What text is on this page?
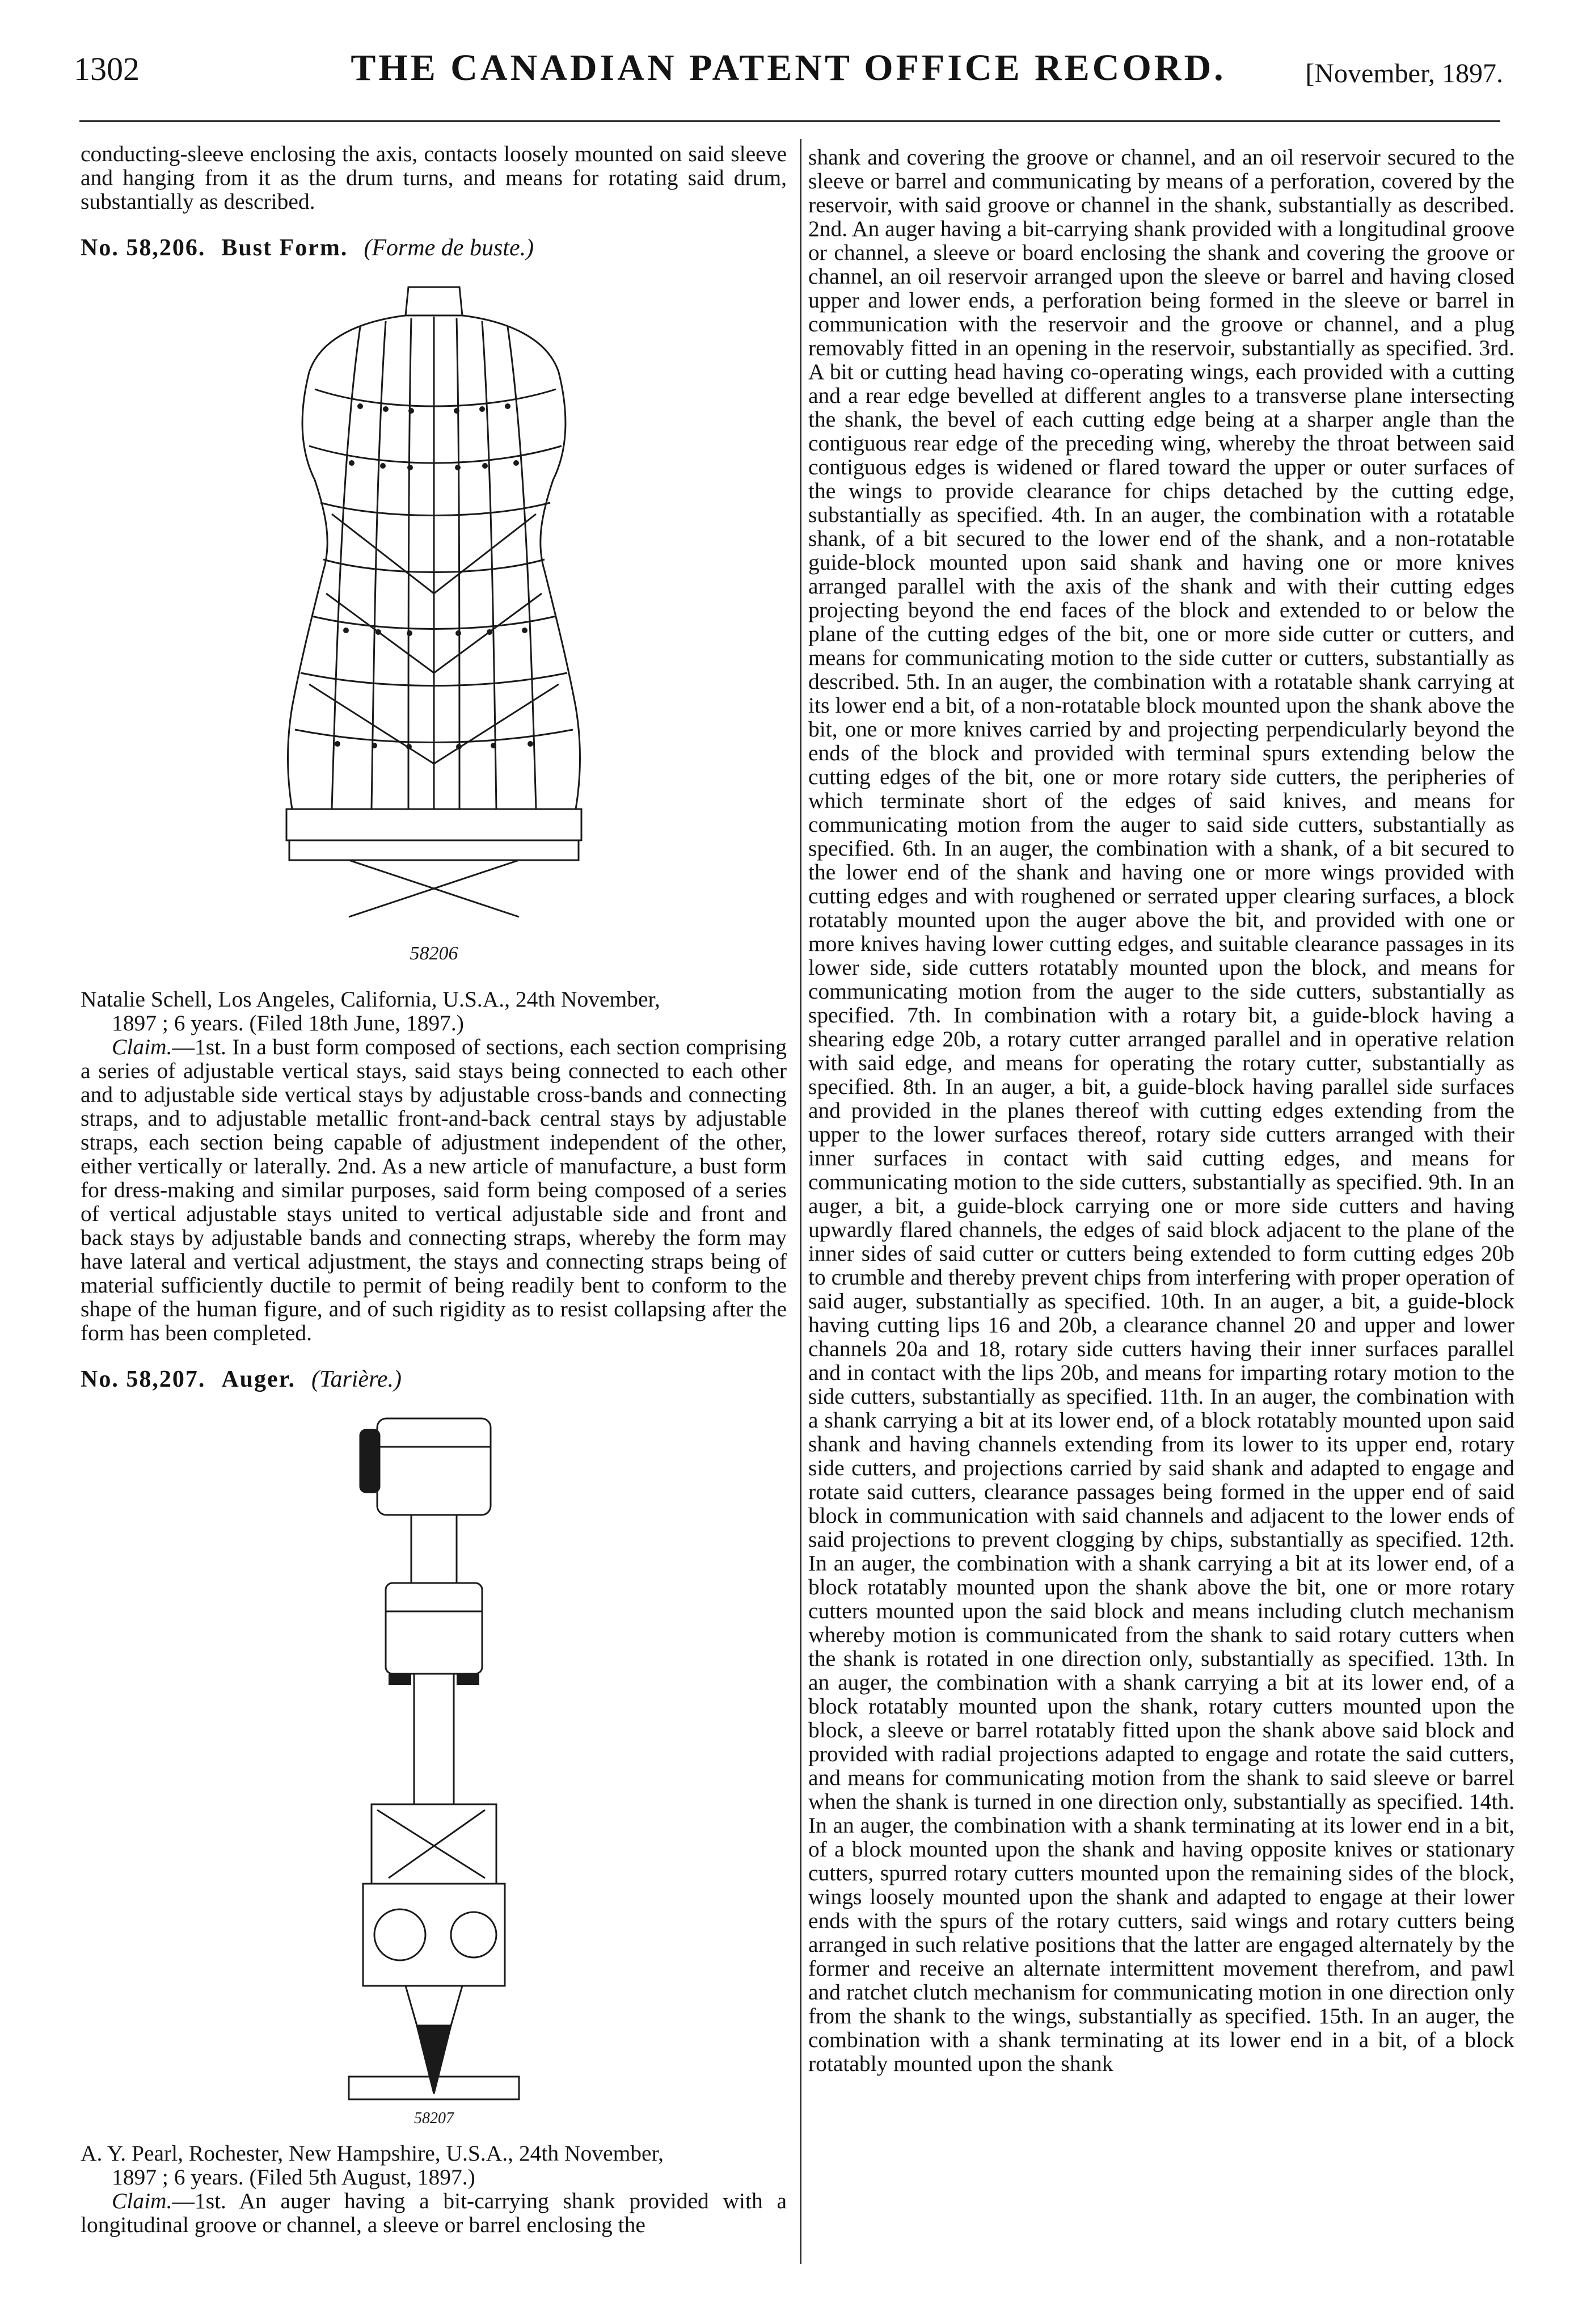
1302	THE CANADIAN PATENT OFFICE RECORD.	[November, 1897.

conducting-sleeve enclosing the axis, contacts loosely mounted on said sleeve and hanging from it as the drum turns, and means for rotating said drum, substantially as described.

No. 58,206. Bust Form. (Forme de buste.)
58206

Natalie Schell, Los Angeles, California, U.S.A., 24th November,

1897 ; 6 years. (Filed 18th June, 1897.)

Claim.—1st. In a bust form composed of sections, each section comprising a series of adjustable vertical stays, said stays being connected to each other and to adjustable side vertical stays by adjustable cross-bands and connecting straps, and to adjustable metallic front-and-back central stays by adjustable straps, each section being capable of adjustment independent of the other, either vertically or laterally. 2nd. As a new article of manufacture, a bust form for dress-making and similar purposes, said form being composed of a series of vertical adjustable stays united to vertical adjustable side and front and back stays by adjustable bands and connecting straps, whereby the form may have lateral and vertical adjustment, the stays and connecting straps being of material sufficiently ductile to permit of being readily bent to conform to the shape of the human figure, and of such rigidity as to resist collapsing after the form has been completed.

No. 58,207. Auger. (Tarière.)
58207

A. Y. Pearl, Rochester, New Hampshire, U.S.A., 24th November,

1897 ; 6 years. (Filed 5th August, 1897.)

Claim.—1st. An auger having a bit-carrying shank provided with a longitudinal groove or channel, a sleeve or barrel enclosing the

shank and covering the groove or channel, and an oil reservoir secured to the sleeve or barrel and communicating by means of a perforation, covered by the reservoir, with said groove or channel in the shank, substantially as described. 2nd. An auger having a bit-carrying shank provided with a longitudinal groove or channel, a sleeve or board enclosing the shank and covering the groove or channel, an oil reservoir arranged upon the sleeve or barrel and having closed upper and lower ends, a perforation being formed in the sleeve or barrel in communication with the reservoir and the groove or channel, and a plug removably fitted in an opening in the reservoir, substantially as specified. 3rd. A bit or cutting head having co-operating wings, each provided with a cutting and a rear edge bevelled at different angles to a transverse plane intersecting the shank, the bevel of each cutting edge being at a sharper angle than the contiguous rear edge of the preceding wing, whereby the throat between said contiguous edges is widened or flared toward the upper or outer surfaces of the wings to provide clearance for chips detached by the cutting edge, substantially as specified. 4th. In an auger, the combination with a rotatable shank, of a bit secured to the lower end of the shank, and a non-rotatable guide-block mounted upon said shank and having one or more knives arranged parallel with the axis of the shank and with their cutting edges projecting beyond the end faces of the block and extended to or below the plane of the cutting edges of the bit, one or more side cutter or cutters, and means for communicating motion to the side cutter or cutters, substantially as described. 5th. In an auger, the combination with a rotatable shank carrying at its lower end a bit, of a non-rotatable block mounted upon the shank above the bit, one or more knives carried by and projecting perpendicularly beyond the ends of the block and provided with terminal spurs extending below the cutting edges of the bit, one or more rotary side cutters, the peripheries of which terminate short of the edges of said knives, and means for communicating motion from the auger to said side cutters, substantially as specified. 6th. In an auger, the combination with a shank, of a bit secured to the lower end of the shank and having one or more wings provided with cutting edges and with roughened or serrated upper clearing surfaces, a block rotatably mounted upon the auger above the bit, and provided with one or more knives having lower cutting edges, and suitable clearance passages in its lower side, side cutters rotatably mounted upon the block, and means for communicating motion from the auger to the side cutters, substantially as specified. 7th. In combination with a rotary bit, a guide-block having a shearing edge 20b, a rotary cutter arranged parallel and in operative relation with said edge, and means for operating the rotary cutter, substantially as specified. 8th. In an auger, a bit, a guide-block having parallel side surfaces and provided in the planes thereof with cutting edges extending from the upper to the lower surfaces thereof, rotary side cutters arranged with their inner surfaces in contact with said cutting edges, and means for communicating motion to the side cutters, substantially as specified. 9th. In an auger, a bit, a guide-block carrying one or more side cutters and having upwardly flared channels, the edges of said block adjacent to the plane of the inner sides of said cutter or cutters being extended to form cutting edges 20b to crumble and thereby prevent chips from interfering with proper operation of said auger, substantially as specified. 10th. In an auger, a bit, a guide-block having cutting lips 16 and 20b, a clearance channel 20 and upper and lower channels 20a and 18, rotary side cutters having their inner surfaces parallel and in contact with the lips 20b, and means for imparting rotary motion to the side cutters, substantially as specified. 11th. In an auger, the combination with a shank carrying a bit at its lower end, of a block rotatably mounted upon said shank and having channels extending from its lower to its upper end, rotary side cutters, and projections carried by said shank and adapted to engage and rotate said cutters, clearance passages being formed in the upper end of said block in communication with said channels and adjacent to the lower ends of said projections to prevent clogging by chips, substantially as specified. 12th. In an auger, the combination with a shank carrying a bit at its lower end, of a block rotatably mounted upon the shank above the bit, one or more rotary cutters mounted upon the said block and means including clutch mechanism whereby motion is communicated from the shank to said rotary cutters when the shank is rotated in one direction only, substantially as specified. 13th. In an auger, the combination with a shank carrying a bit at its lower end, of a block rotatably mounted upon the shank, rotary cutters mounted upon the block, a sleeve or barrel rotatably fitted upon the shank above said block and provided with radial projections adapted to engage and rotate the said cutters, and means for communicating motion from the shank to said sleeve or barrel when the shank is turned in one direction only, substantially as specified. 14th. In an auger, the combination with a shank terminating at its lower end in a bit, of a block mounted upon the shank and having opposite knives or stationary cutters, spurred rotary cutters mounted upon the remaining sides of the block, wings loosely mounted upon the shank and adapted to engage at their lower ends with the spurs of the rotary cutters, said wings and rotary cutters being arranged in such relative positions that the latter are engaged alternately by the former and receive an alternate intermittent movement therefrom, and pawl and ratchet clutch mechanism for communicating motion in one direction only from the shank to the wings, substantially as specified. 15th. In an auger, the combination with a shank terminating at its lower end in a bit, of a block rotatably mounted upon the shank
